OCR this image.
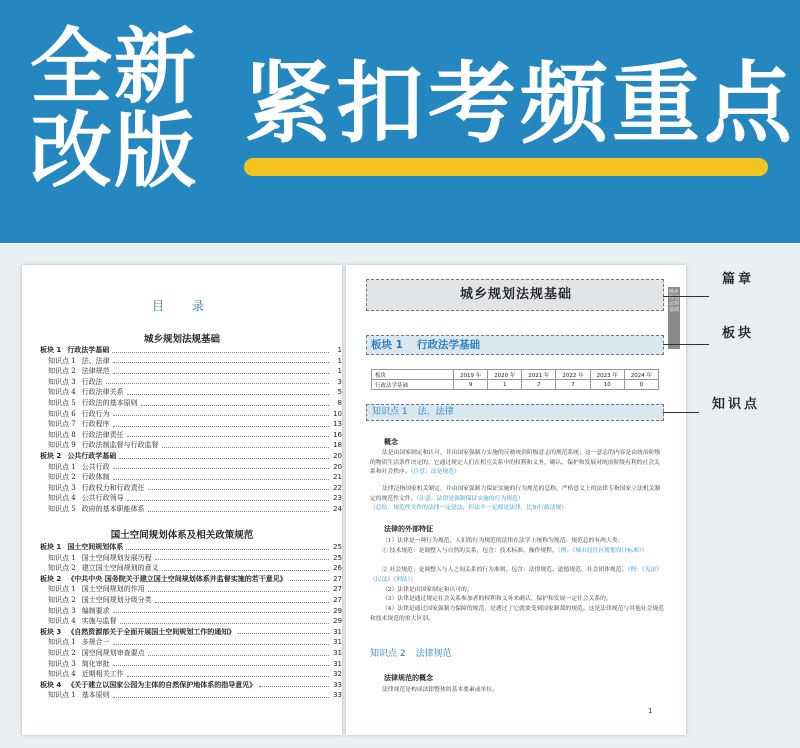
全新
改版 紧扣考频重点
目　录
城乡规划法规基础
板块 1 行政法学基础	1
知识点 1 法、法律	1
知识点 2 法律规范	1
知识点 3 行政法	3
知识点 4 行政法律关系	5
知识点 5 行政法的基本原则	8
知识点 6 行政行为	10
知识点 7 行政程序	13
知识点 8 行政法律责任	16
知识点 9 行政法制监督与行政监督	18
板块 2 公共行政学基础	20
知识点 1 公共行政	20
知识点 2 行政体制	21
知识点 3 行政权力和行政责任	22
知识点 4 公共行政领导	23
知识点 5 政府的基本职能体系	24
国土空间规划体系及相关政策规范
板块 1 国土空间规划体系	25
知识点 1 国土空间规划发展历程	25
知识点 2 建立国土空间规划的意义	26
板块 2 《中共中央 国务院关于建立国土空间规划体系并监督实施的若干意见》	27
知识点 1 国土空间规划的作用	27
知识点 2 国土空间规划分级分类	27
知识点 3 编制要求	29
知识点 4 实施与监督	29
板块 3 《自然资源部关于全面开展国土空间规划工作的通知》	31
知识点 1 多规合一	31
知识点 2 国空间规划审查要点	31
知识点 3 简化审批	31
知识点 4 近期相关工作	32
板块 4 《关于建立以国家公园为主体的自然保护地体系的指导意见》	33
知识点 1 基本原则	33
城乡规划法规基础	城乡规划法规基础
板块 1 行政法学基础
板块	2019 年	2020 年	2021 年	2022 年	2023 年	2024 年
行政法学基础	9	1	7	7	10	0
知识点 1 法、法律
概念
法是由国家制定和认可，并由国家强制力实施的反映统治阶级意志的规范系统；这一意志的内容是由统治阶级的物质生活条件决定的，它通过规定人们在相互关系中的权利和义务，确认、保护和发展对统治阶级有利的社会关系和社会秩序。（注意：法是规范）
法律泛指国家机关制定，并由国家强制力保证实施的行为规范的总称。严格意义上的法律专指国家立法机关制定的规范性文件。（注意：法律是强制保证实施的行为规范）
（总结：规范性文件的法律一定是法，但法不一定都是法律，比如行政法规）
法律的外部特征
（1）法律是一种行为规范，人们的行为规范的法律在法学上统称为规范。规范总的有两大类：
① 技术规范：是调整人与自然的关系，包含：技术标准、操作规程。（例：《城市居住区规划设计标准》）
② 社会规范：是调整人与人之间关系的行为准则。包含：法律规范、道德规范、社会团体规范。（例：《宪法》《民法》《刑法》）
（2）法律是由国家制定和认可的。
（3）法律是通过规定社会关系参加者的权利和义务来确认、保护和发展一定社会关系的。
（4）法律是通过国家强制力保障的规范，是透过了它就要受到国家制裁的规范。这是法律规范与其他社会规范和技术规范的重大区别。
知识点 2 法律规范
法律规范的概念
法律规范是构成法律整体的基本要素或单位。
1
篇章
板块
知识点
